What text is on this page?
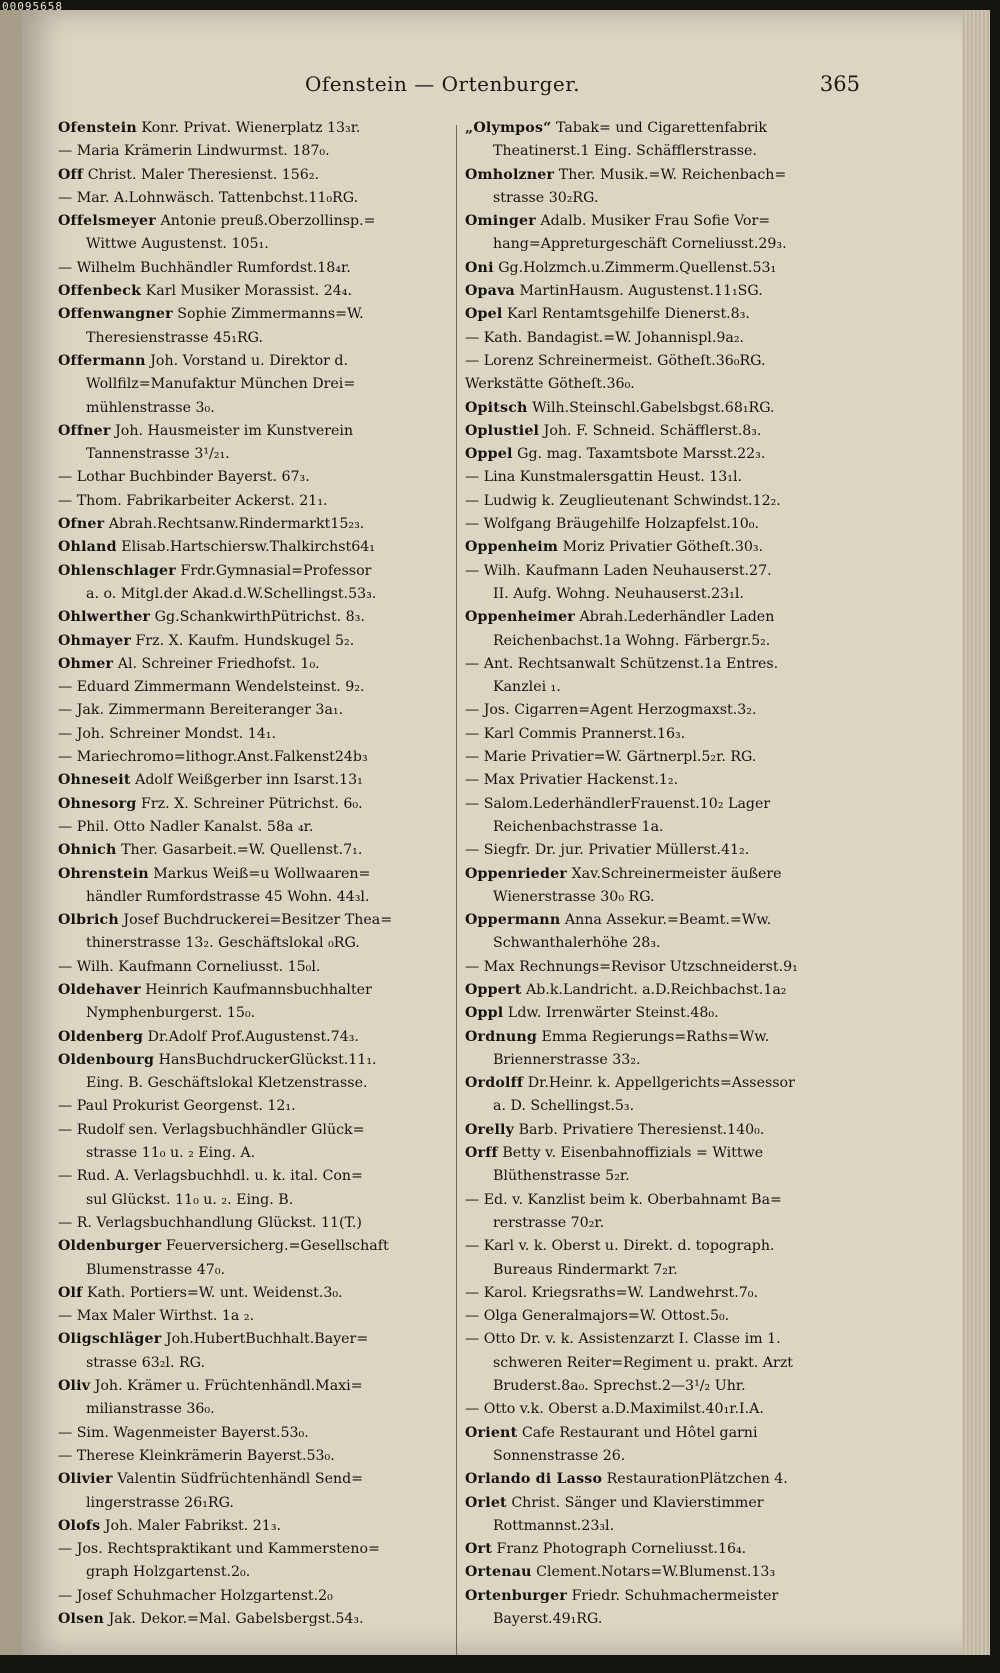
00095658
Ofenstein — Ortenburger.	365
Ofenstein Konr. Privat. Wienerplatz 13₃r.
— Maria Krämerin Lindwurmst. 187₀.
Off Christ. Maler Theresienst. 156₂.
— Mar. A.Lohnwäsch. Tattenbchst.11₀RG.
Offelsmeyer Antonie preuß.Oberzollinsp.=
Wittwe Augustenst. 105₁.
— Wilhelm Buchhändler Rumfordst.18₄r.
Offenbeck Karl Musiker Morassist. 24₄.
Offenwangner Sophie Zimmermanns=W.
Theresienstrasse 45₁RG.
Offermann Joh. Vorstand u. Direktor d.
Wollfilz=Manufaktur München Drei=
mühlenstrasse 3₀.
Offner Joh. Hausmeister im Kunstverein
Tannenstrasse 3¹/₂₁.
— Lothar Buchbinder Bayerst. 67₃.
— Thom. Fabrikarbeiter Ackerst. 21₁.
Ofner Abrah.Rechtsanw.Rindermarkt15₂₃.
Ohland Elisab.Hartschiersw.Thalkirchst64₁
Ohlenschlager Frdr.Gymnasial=Professor
a. o. Mitgl.der Akad.d.W.Schellingst.53₃.
Ohlwerther Gg.SchankwirthPütrichst. 8₃.
Ohmayer Frz. X. Kaufm. Hundskugel 5₂.
Ohmer Al. Schreiner Friedhofst. 1₀.
— Eduard Zimmermann Wendelsteinst. 9₂.
— Jak. Zimmermann Bereiteranger 3a₁.
— Joh. Schreiner Mondst. 14₁.
— Mariechromo=lithogr.Anst.Falkenst24b₃
Ohneseit Adolf Weißgerber inn Isarst.13₁
Ohnesorg Frz. X. Schreiner Pütrichst. 6₀.
— Phil. Otto Nadler Kanalst. 58a ₄r.
Ohnich Ther. Gasarbeit.=W. Quellenst.7₁.
Ohrenstein Markus Weiß=u Wollwaaren=
händler Rumfordstrasse 45 Wohn. 44₃l.
Olbrich Josef Buchdruckerei=Besitzer Thea=
thinerstrasse 13₂. Geschäftslokal ₀RG.
— Wilh. Kaufmann Corneliusst. 15₀l.
Oldehaver Heinrich Kaufmannsbuchhalter
Nymphenburgerst. 15₀.
Oldenberg Dr.Adolf Prof.Augustenst.74₃.
Oldenbourg HansBuchdruckerGlückst.11₁.
Eing. B. Geschäftslokal Kletzenstrasse.
— Paul Prokurist Georgenst. 12₁.
— Rudolf sen. Verlagsbuchhändler Glück=
strasse 11₀ u. ₂ Eing. A.
— Rud. A. Verlagsbuchhdl. u. k. ital. Con=
sul Glückst. 11₀ u. ₂. Eing. B.
— R. Verlagsbuchhandlung Glückst. 11(T.)
Oldenburger Feuerversicherg.=Gesellschaft
Blumenstrasse 47₀.
Olf Kath. Portiers=W. unt. Weidenst.3₀.
— Max Maler Wirthst. 1a ₂.
Oligschläger Joh.HubertBuchhalt.Bayer=
strasse 63₂l. RG.
Oliv Joh. Krämer u. Früchtenhändl.Maxi=
milianstrasse 36₀.
— Sim. Wagenmeister Bayerst.53₀.
— Therese Kleinkrämerin Bayerst.53₀.
Olivier Valentin Südfrüchtenhändl Send=
lingerstrasse 26₁RG.
Olofs Joh. Maler Fabrikst. 21₃.
— Jos. Rechtspraktikant und Kammersteno=
graph Holzgartenst.2₀.
— Josef Schuhmacher Holzgartenst.2₀
Olsen Jak. Dekor.=Mal. Gabelsbergst.54₃.
„Olympos“ Tabak= und Cigarettenfabrik
Theatinerst.1 Eing. Schäfflerstrasse.
Omholzner Ther. Musik.=W. Reichenbach=
strasse 30₂RG.
Ominger Adalb. Musiker Frau Sofie Vor=
hang=Appreturgeschäft Corneliusst.29₃.
Oni Gg.Holzmch.u.Zimmerm.Quellenst.53₁
Opava MartinHausm. Augustenst.11₁SG.
Opel Karl Rentamtsgehilfe Dienerst.8₃.
— Kath. Bandagist.=W. Johannispl.9a₂.
— Lorenz Schreinermeist. Götheſt.36₀RG.
Werkstätte Götheſt.36₀.
Opitsch Wilh.Steinschl.Gabelsbgst.68₁RG.
Oplustiel Joh. F. Schneid. Schäfflerst.8₃.
Oppel Gg. mag. Taxamtsbote Marsst.22₃.
— Lina Kunstmalersgattin Heust. 13₁l.
— Ludwig k. Zeuglieutenant Schwindst.12₂.
— Wolfgang Bräugehilfe Holzapfelst.10₀.
Oppenheim Moriz Privatier Götheſt.30₃.
— Wilh. Kaufmann Laden Neuhauserst.27.
II. Aufg. Wohng. Neuhauserst.23₁l.
Oppenheimer Abrah.Lederhändler Laden
Reichenbachst.1a Wohng. Färbergr.5₂.
— Ant. Rechtsanwalt Schützenst.1a Entres.
Kanzlei ₁.
— Jos. Cigarren=Agent Herzogmaxst.3₂.
— Karl Commis Prannerst.16₃.
— Marie Privatier=W. Gärtnerpl.5₂r. RG.
— Max Privatier Hackenst.1₂.
— Salom.LederhändlerFrauenst.10₂ Lager
Reichenbachstrasse 1a.
— Siegfr. Dr. jur. Privatier Müllerst.41₂.
Oppenrieder Xav.Schreinermeister äußere
Wienerstrasse 30₀ RG.
Oppermann Anna Assekur.=Beamt.=Ww.
Schwanthalerhöhe 28₃.
— Max Rechnungs=Revisor Utzschneiderst.9₁
Oppert Ab.k.Landricht. a.D.Reichbachst.1a₂
Oppl Ldw. Irrenwärter Steinst.48₀.
Ordnung Emma Regierungs=Raths=Ww.
Briennerstrasse 33₂.
Ordolff Dr.Heinr. k. Appellgerichts=Assessor
a. D. Schellingst.5₃.
Orelly Barb. Privatiere Theresienst.140₀.
Orff Betty v. Eisenbahnoffizials = Wittwe
Blüthenstrasse 5₂r.
— Ed. v. Kanzlist beim k. Oberbahnamt Ba=
rerstrasse 70₂r.
— Karl v. k. Oberst u. Direkt. d. topograph.
Bureaus Rindermarkt 7₂r.
— Karol. Kriegsraths=W. Landwehrst.7₀.
— Olga Generalmajors=W. Ottost.5₀.
— Otto Dr. v. k. Assistenzarzt I. Classe im 1.
schweren Reiter=Regiment u. prakt. Arzt
Bruderst.8a₀. Sprechst.2—3¹/₂ Uhr.
— Otto v.k. Oberst a.D.Maximilst.40₁r.I.A.
Orient Cafe Restaurant und Hôtel garni
Sonnenstrasse 26.
Orlando di Lasso RestaurationPlätzchen 4.
Orlet Christ. Sänger und Klavierstimmer
Rottmannst.23₃l.
Ort Franz Photograph Corneliusst.16₄.
Ortenau Clement.Notars=W.Blumenst.13₃
Ortenburger Friedr. Schuhmachermeister
Bayerst.49₁RG.
